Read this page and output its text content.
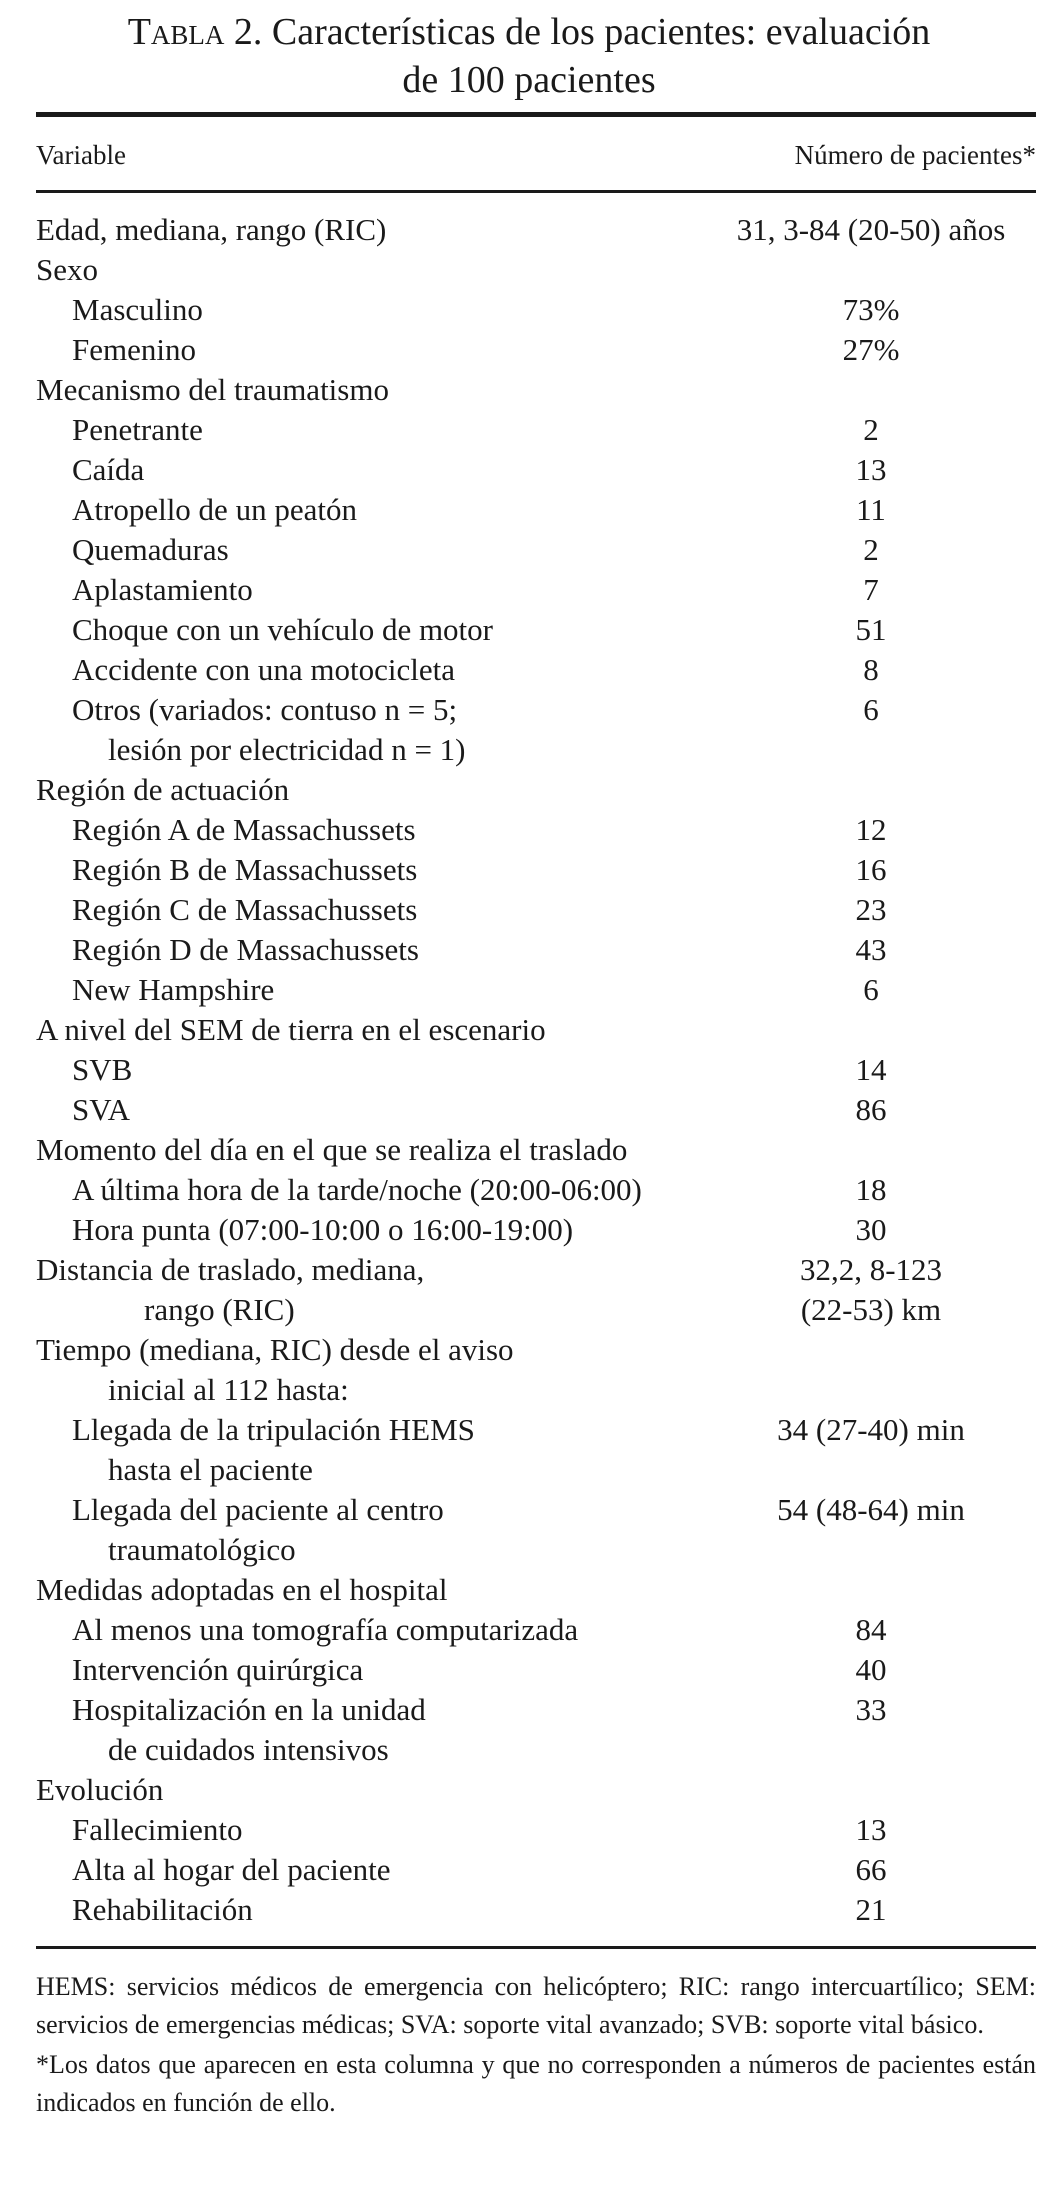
Tabla 2. Características de los pacientes: evaluación
de 100 pacientes
Variable	Número de pacientes*
Edad, mediana, rango (RIC)	31, 3-84 (20-50) años
Sexo
Masculino	73%
Femenino	27%
Mecanismo del traumatismo
Penetrante	2
Caída	13
Atropello de un peatón	11
Quemaduras	2
Aplastamiento	7
Choque con un vehículo de motor	51
Accidente con una motocicleta	8
Otros (variados: contuso n = 5;	6
lesión por electricidad n = 1)
Región de actuación
Región A de Massachussets	12
Región B de Massachussets	16
Región C de Massachussets	23
Región D de Massachussets	43
New Hampshire	6
A nivel del SEM de tierra en el escenario
SVB	14
SVA	86
Momento del día en el que se realiza el traslado
A última hora de la tarde/noche (20:00-06:00)	18
Hora punta (07:00-10:00 o 16:00-19:00)	30
Distancia de traslado, mediana,	32,2, 8-123
rango (RIC)	(22-53) km
Tiempo (mediana, RIC) desde el aviso
inicial al 112 hasta:
Llegada de la tripulación HEMS	34 (27-40) min
hasta el paciente
Llegada del paciente al centro	54 (48-64) min
traumatológico
Medidas adoptadas en el hospital
Al menos una tomografía computarizada	84
Intervención quirúrgica	40
Hospitalización en la unidad	33
de cuidados intensivos
Evolución
Fallecimiento	13
Alta al hogar del paciente	66
Rehabilitación	21

HEMS: servicios médicos de emergencia con helicóptero; RIC: rango intercuartílico; SEM: servicios de emergencias médicas; SVA: soporte vital avanzado; SVB: soporte vital básico.

*Los datos que aparecen en esta columna y que no corresponden a números de pacientes están indicados en función de ello.
